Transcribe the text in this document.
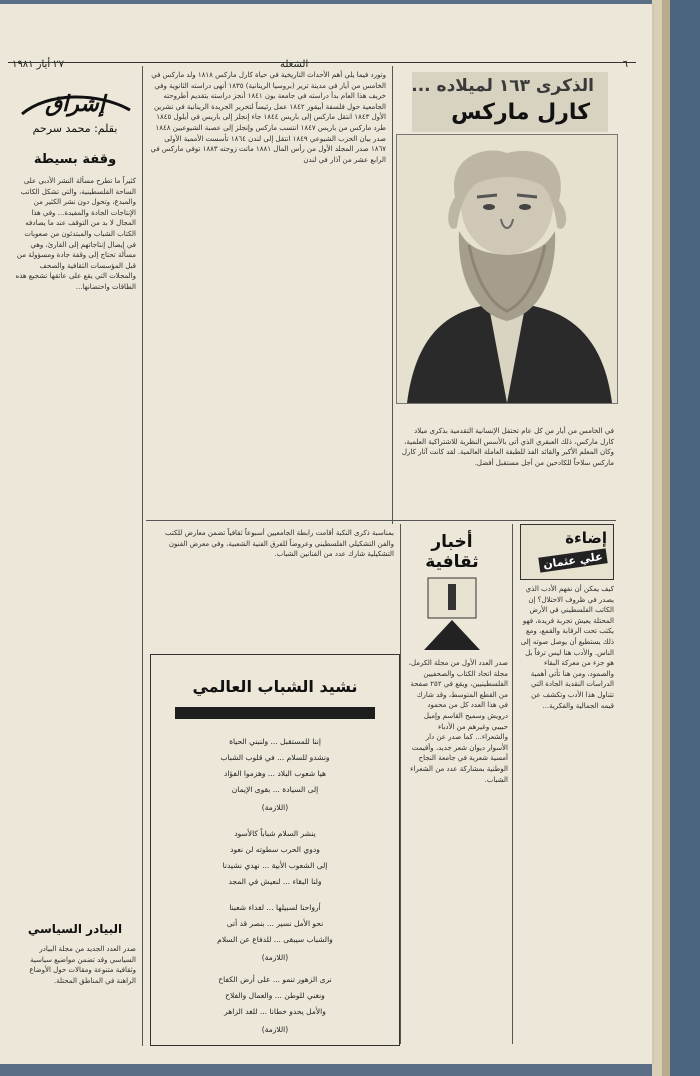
٢٧ أيار ١٩٨١	الشعلة	٦
الذكرى ١٦٣ لميلاده ...
كارل ماركس
في الخامس من أيار من كل عام تحتفل الإنسانية التقدمية بذكرى ميلاد كارل ماركس، ذلك العبقري الذي أتى بالأسس النظرية للاشتراكية العلمية، وكان المعلم الأكبر والقائد الفذ للطبقة العاملة العالمية. لقد كانت آثار كارل ماركس سلاحاً للكادحين من أجل مستقبل أفضل.
وتورد فيما يلي أهم الأحداث التاريخية في حياة كارل ماركس ١٨١٨ ولد ماركس في الخامس من أيار في مدينة ترير (بروسيا الرينانية) ١٨٣٥ أنهى دراسته الثانوية وفي خريف هذا العام بدأ دراسته في جامعة بون ١٨٤١ أنجز دراسته بتقديم أطروحته الجامعية حول فلسفة أبيقور ١٨٤٢ عمل رئيساً لتحرير الجريدة الرينانية في تشرين الأول ١٨٤٣ انتقل ماركس إلى باريس ١٨٤٤ جاء إنجلز إلى باريس في أيلول ١٨٤٥ طرد ماركس من باريس ١٨٤٧ انتسب ماركس وإنجلز إلى عصبة الشيوعيين ١٨٤٨ صدر بيان الحزب الشيوعي ١٨٤٩ انتقل إلى لندن ١٨٦٤ تأسست الأممية الأولى ١٨٦٧ صدر المجلد الأول من رأس المال ١٨٨١ ماتت زوجته ١٨٨٣ توفي ماركس في الرابع عشر من آذار في لندن
إشراق
بقلم: محمد سرحم
وقفة بسيطة
كثيراً ما تطرح مسألة النشر الأدبي على الساحة الفلسطينية، والتي تشكل الكاتب والمبدع، وتحول دون نشر الكثير من الإنتاجات الجادة والمفيدة... وفي هذا المجال لا بد من التوقف عند ما يصادفه الكتاب الشباب والمبتدئون من صعوبات في إيصال إنتاجاتهم إلى القارئ، وهي مسألة تحتاج إلى وقفة جادة ومسؤولة من قبل المؤسسات الثقافية والصحف والمجلات التي يقع على عاتقها تشجيع هذه الطاقات واحتضانها...
البيادر السياسي
صدر العدد الجديد من مجلة البيادر السياسي وقد تضمن مواضيع سياسية وثقافية متنوعة ومقالات حول الأوضاع الراهنة في المناطق المحتلة.
إضاءة
علي عثمان
كيف يمكن أن نفهم الأدب الذي يصدر في ظروف الاحتلال؟ إن الكاتب الفلسطيني في الأرض المحتلة يعيش تجربة فريدة، فهو يكتب تحت الرقابة والقمع، ومع ذلك يستطيع أن يوصل صوته إلى الناس. والأدب هنا ليس ترفاً بل هو جزء من معركة البقاء والصمود، ومن هنا تأتي أهمية الدراسات النقدية الجادة التي تتناول هذا الأدب وتكشف عن قيمه الجمالية والفكرية...
أخبار ثقافية
صدر العدد الأول من مجلة الكرمل، مجلة اتحاد الكتاب والصحفيين الفلسطينيين، ويقع في ٢٥٢ صفحة من القطع المتوسط، وقد شارك في هذا العدد كل من محمود درويش وسميح القاسم وإميل حبيبي وغيرهم من الأدباء والشعراء... كما صدر عن دار الأسوار ديوان شعر جديد، وأقيمت أمسية شعرية في جامعة النجاح الوطنية بمشاركة عدد من الشعراء الشباب.
بمناسبة ذكرى النكبة أقامت رابطة الجامعيين أسبوعاً ثقافياً تضمن معارض للكتب والفن التشكيلي الفلسطيني وعروضاً للفرق الفنية الشعبية، وفي معرض الفنون التشكيلية شارك عدد من الفنانين الشباب.
نشيد الشباب العالمي
إننا للمستقبل ... ولنبني الحياة
ونشدو للسلام ... في قلوب الشباب
هيا شعوب البلاد ... وهزموا الفؤاد
إلى السيادة ... بقوى الإيمان
(اللازمة)
ينشر السلام شباباً كالأسود
ودوي الحرب سطوته لن نعود
إلى الشعوب الأبية ... نهدي نشيدنا
ولنا البقاء ... لنعيش في المجد
أرواحنا لسبيلها ... لفداء شعبنا
نحو الأمل نسير ... بنصر قد أتى
والشباب سيبقى ... للدفاع عن السلام
(اللازمة)
نرى الزهور تنمو ... على أرض الكفاح
ونغني للوطن ... والعمال والفلاح
والأمل يحدو خطانا ... للغد الزاهر
(اللازمة)
